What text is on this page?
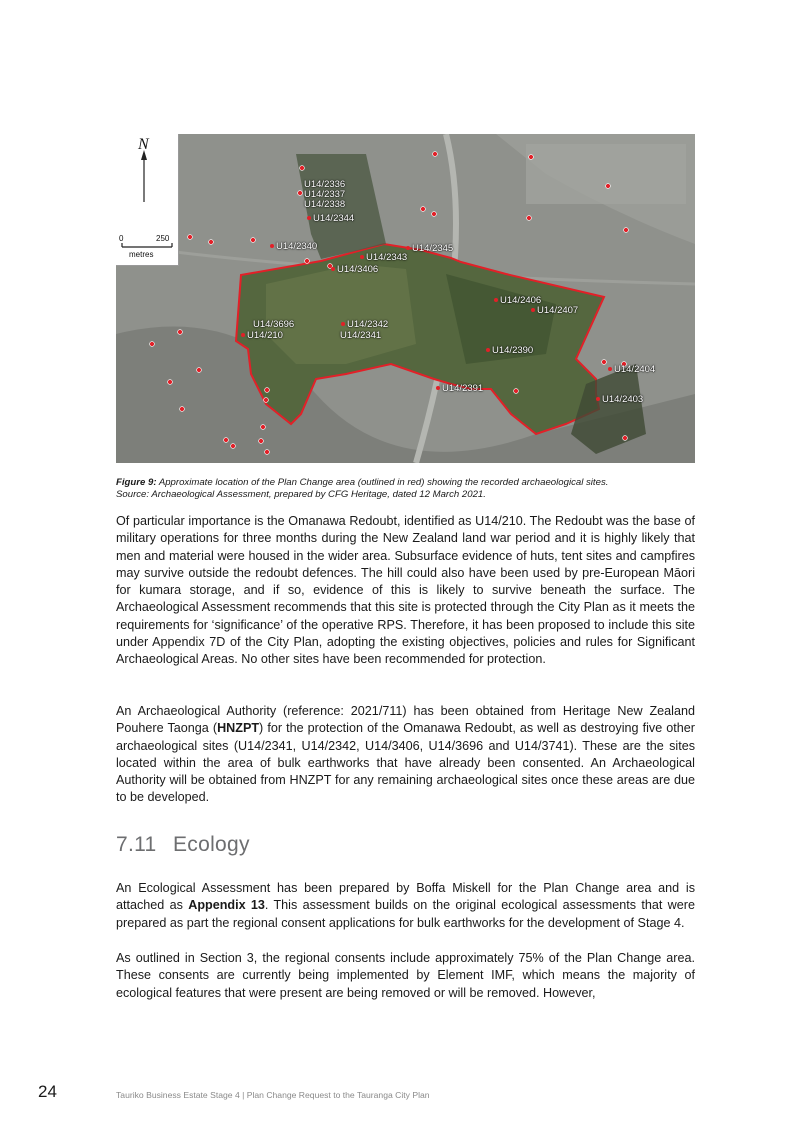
N
0	250
metres
U14/2336
U14/2337
U14/2338
U14/2344
U14/2340	U14/2345
U14/2343
U14/3406
U14/2406
U14/2407
U14/3696	U14/2342
U14/210	U14/2341
U14/2390
U14/2404
U14/2391
U14/2403
Figure 9: Approximate location of the Plan Change area (outlined in red) showing the recorded archaeological sites.
Source: Archaeological Assessment, prepared by CFG Heritage, dated 12 March 2021.

Of particular importance is the Omanawa Redoubt, identified as U14/210. The Redoubt was the base of military operations for three months during the New Zealand land war period and it is highly likely that men and material were housed in the wider area. Subsurface evidence of huts, tent sites and campfires may survive outside the redoubt defences. The hill could also have been used by pre-European Māori for kumara storage, and if so, evidence of this is likely to survive beneath the surface. The Archaeological Assessment recommends that this site is protected through the City Plan as it meets the requirements for ‘significance’ of the operative RPS. Therefore, it has been proposed to include this site under Appendix 7D of the City Plan, adopting the existing objectives, policies and rules for Significant Archaeological Areas. No other sites have been recommended for protection.

An Archaeological Authority (reference: 2021/711) has been obtained from Heritage New Zealand Pouhere Taonga (HNZPT) for the protection of the Omanawa Redoubt, as well as destroying five other archaeological sites (U14/2341, U14/2342, U14/3406, U14/3696 and U14/3741). These are the sites located within the area of bulk earthworks that have already been consented. An Archaeological Authority will be obtained from HNZPT for any remaining archaeological sites once these areas are due to be developed.

7.11 Ecology

An Ecological Assessment has been prepared by Boffa Miskell for the Plan Change area and is attached as Appendix 13. This assessment builds on the original ecological assessments that were prepared as part the regional consent applications for bulk earthworks for the development of Stage 4.

As outlined in Section 3, the regional consents include approximately 75% of the Plan Change area. These consents are currently being implemented by Element IMF, which means the majority of ecological features that were present are being removed or will be removed. However,

24	Tauriko Business Estate Stage 4 | Plan Change Request to the Tauranga City Plan
